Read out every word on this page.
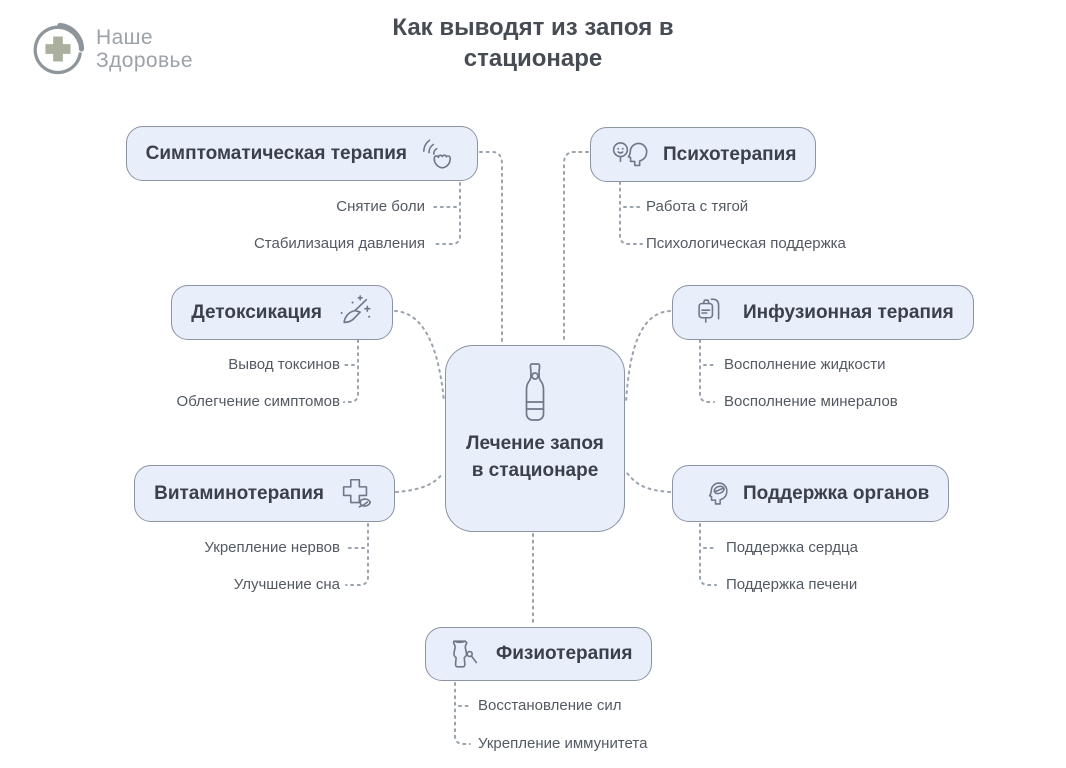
Наше
Здоровье
Как выводят из запоя в стационаре
Симптоматическая терапия
Снятие боли
Стабилизация давления
Психотерапия
Работа с тягой
Психологическая поддержка
Детоксикация
Вывод токсинов
Облегчение симптомов
Инфузионная терапия
Восполнение жидкости
Восполнение минералов
Лечение запоя в стационаре
Витаминотерапия
Укрепление нервов
Улучшение сна
Поддержка органов
Поддержка сердца
Поддержка печени
Физиотерапия
Восстановление сил
Укрепление иммунитета
